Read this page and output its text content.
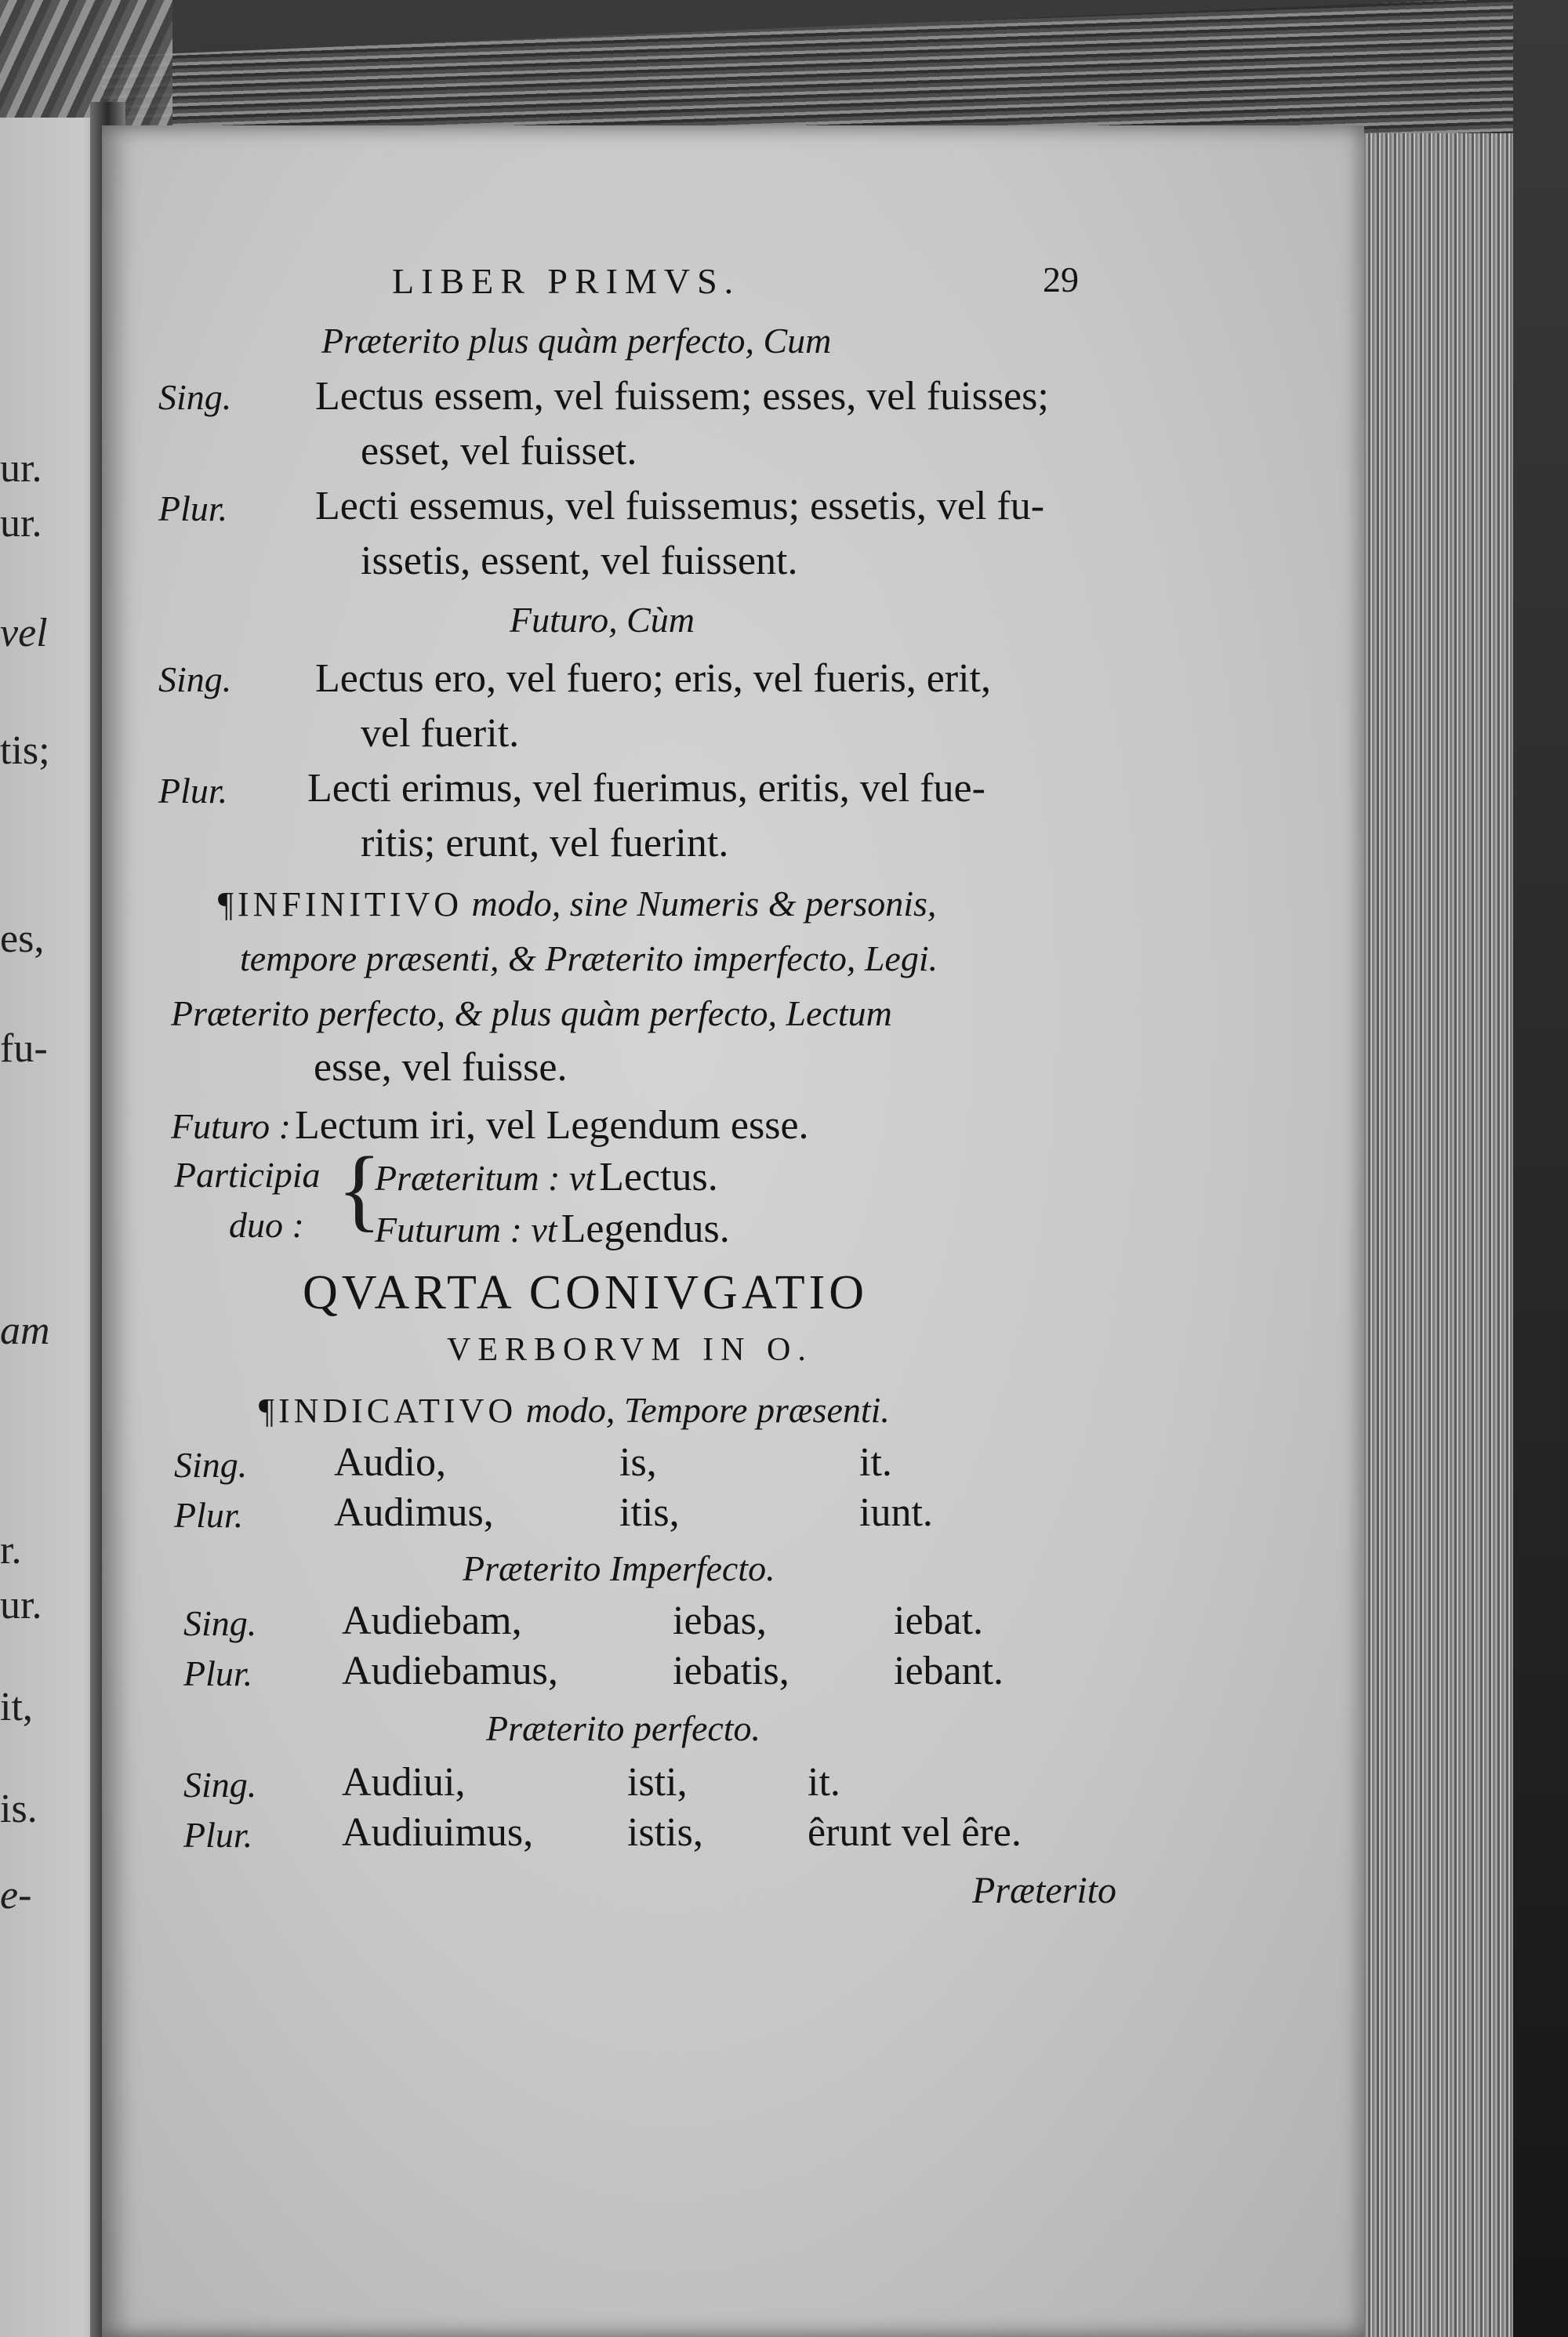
ur.
ur.
vel
tis;
es,
fu-
am
r.
ur.
it,
is.
e-
LIBER PRIMVS.	29
Præterito plus quàm perfecto, Cum
Sing. Lectus essem, vel fuissem; esses, vel fuisses;
esset, vel fuisset.
Plur. Lecti essemus, vel fuissemus; essetis, vel fu-
issetis, essent, vel fuissent.
Futuro, Cùm
Sing. Lectus ero, vel fuero; eris, vel fueris, erit,
vel fuerit.
Plur. Lecti erimus, vel fuerimus, eritis, vel fue-
ritis; erunt, vel fuerint.
¶INFINITIVO modo, sine Numeris & personis,
tempore præsenti, & Præterito imperfecto, Legi.
Præterito perfecto, & plus quàm perfecto, Lectum
esse, vel fuisse.
Futuro : Lectum iri, vel Legendum esse.
Participia
duo : {
Præteritum : vt Lectus.
Futurum : vt Legendus.
QVARTA CONIVGATIO
VERBORVM IN O.
¶INDICATIVO modo, Tempore præsenti.
Sing. Audio,	is,	it.
Plur. Audimus,	itis,	iunt.
Præterito Imperfecto.
Sing. Audiebam,	iebas,	iebat.
Plur. Audiebamus,	iebatis,	iebant.
Præterito perfecto.
Sing. Audiui,	isti,	it.
Plur. Audiuimus, istis,	êrunt vel êre.
Præterito
